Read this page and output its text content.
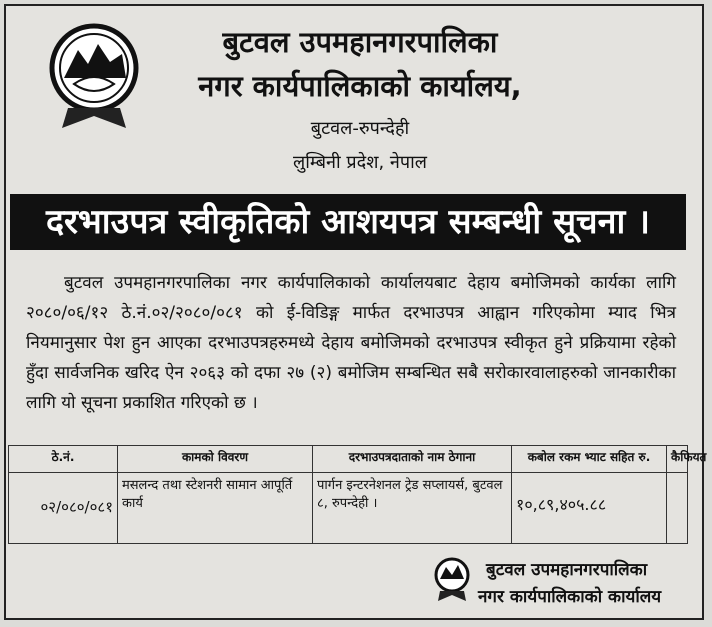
बुटवल उपमहानगरपालिका
नगर कार्यपालिकाको कार्यालय,
बुटवल-रुपन्देही
लुम्बिनी प्रदेश, नेपाल
दरभाउपत्र स्वीकृतिको आशयपत्र सम्बन्धी सूचना ।

बुटवल उपमहानगरपालिका नगर कार्यपालिकाको कार्यालयबाट देहाय बमोजिमको कार्यका लागि २०८०/०६/१२ ठे.नं.०२/२०८०/०८१ को ई-विडिङ्ग मार्फत दरभाउपत्र आह्वान गरिएकोमा म्याद भित्र नियमानुसार पेश हुन आएका दरभाउपत्रहरुमध्ये देहाय बमोजिमको दरभाउपत्र स्वीकृत हुने प्रक्रियामा रहेको हुँदा सार्वजनिक खरिद ऐन २०६३ को दफा २७ (२) बमोजिम सम्बन्धित सबै सरोकारवालाहरुको जानकारीका लागि यो सूचना प्रकाशित गरिएको छ ।

ठे.नं.	कामको विवरण	दरभाउपत्रदाताको नाम ठेगाना	कबोल रकम भ्याट सहित रु.	कैफियत
०२/०८०/०८१	मसलन्द तथा स्टेशनरी सामान आपूर्ति कार्य	पार्गन इन्टरनेशनल ट्रेड सप्लायर्स, बुटवल ८, रुपन्देही ।	१०,८९,४०५.८८	
बुटवल उपमहानगरपालिका
नगर कार्यपालिकाको कार्यालय
